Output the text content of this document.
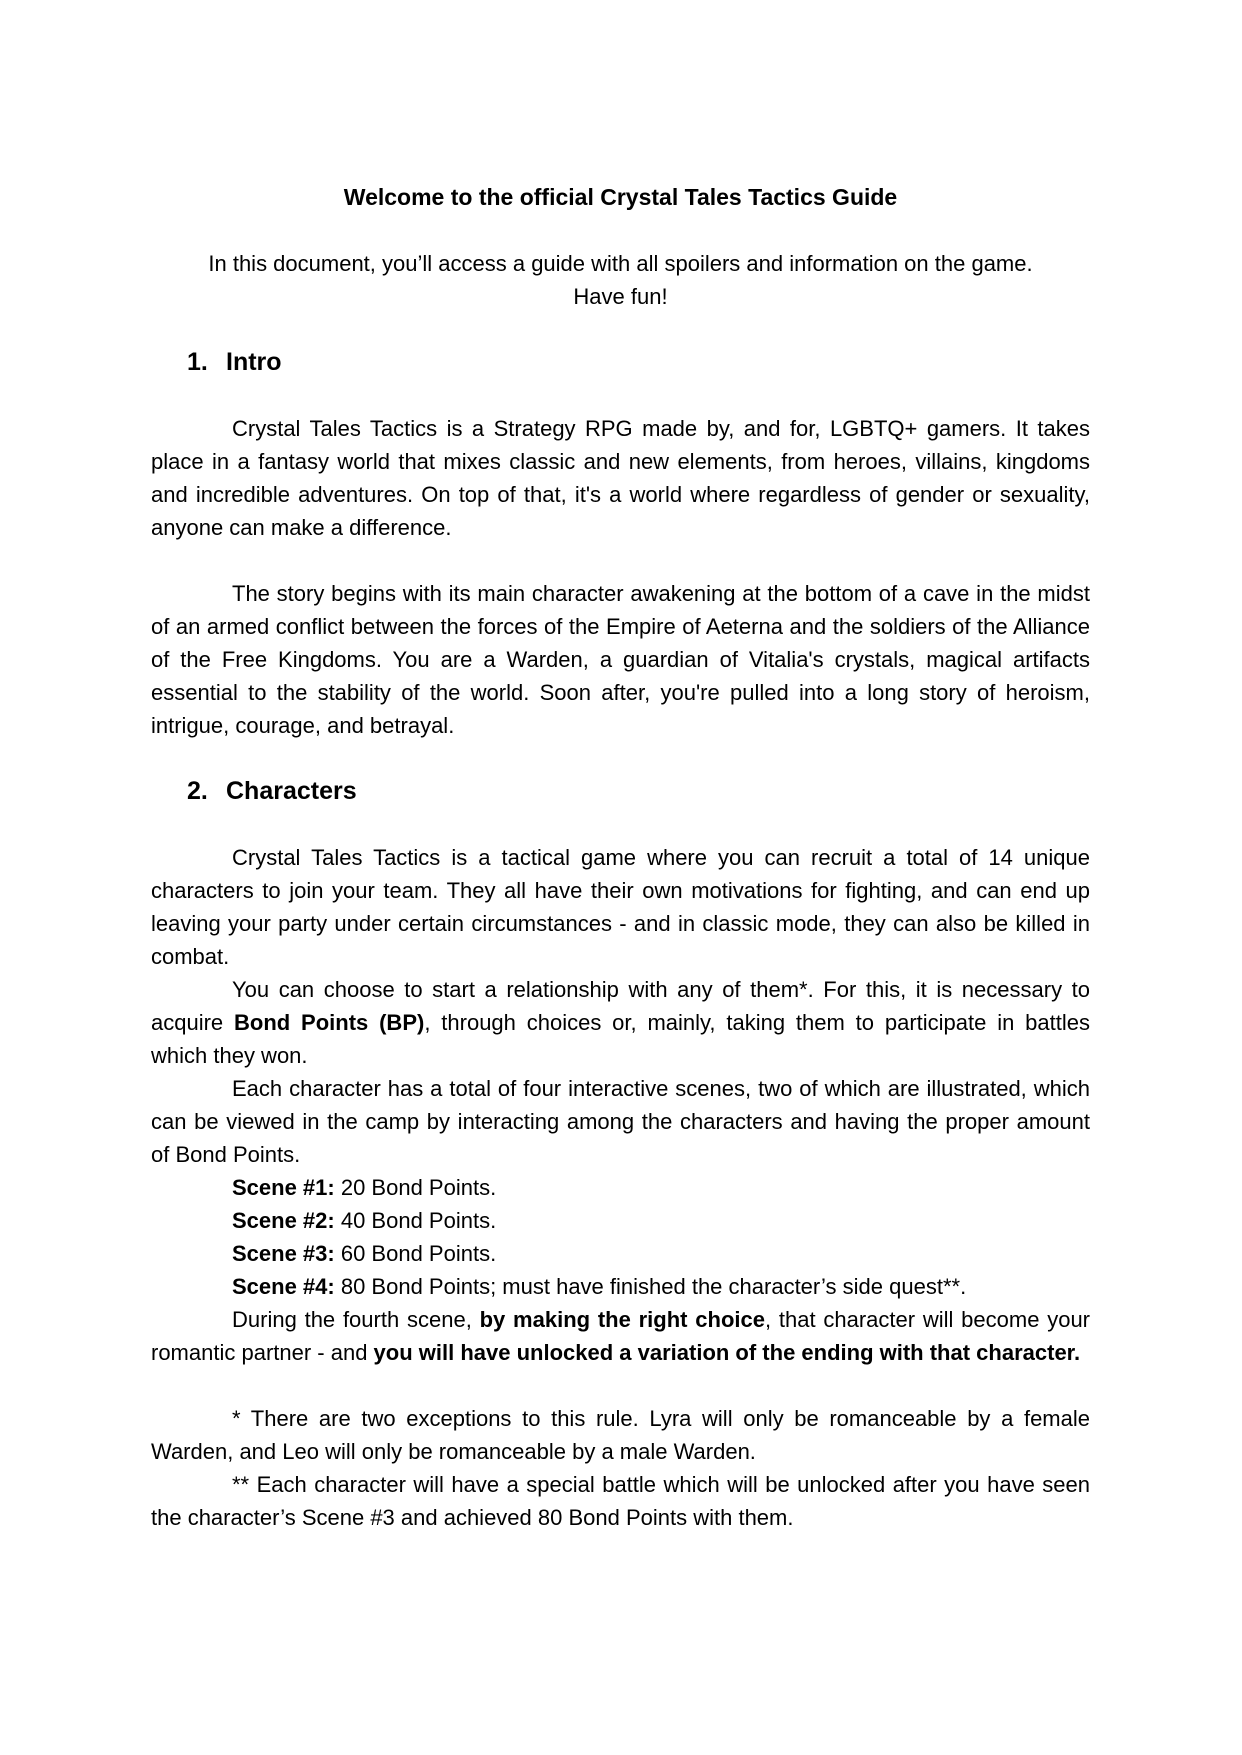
Welcome to the official Crystal Tales Tactics Guide
In this document, you’ll access a guide with all spoilers and information on the game.
Have fun!
1. Intro

Crystal Tales Tactics is a Strategy RPG made by, and for, LGBTQ+ gamers. It takes place in a fantasy world that mixes classic and new elements, from heroes, villains, kingdoms and incredible adventures. On top of that, it's a world where regardless of gender or sexuality, anyone can make a difference.

The story begins with its main character awakening at the bottom of a cave in the midst of an armed conflict between the forces of the Empire of Aeterna and the soldiers of the Alliance of the Free Kingdoms. You are a Warden, a guardian of Vitalia's crystals, magical artifacts essential to the stability of the world. Soon after, you're pulled into a long story of heroism, intrigue, courage, and betrayal.

2. Characters

Crystal Tales Tactics is a tactical game where you can recruit a total of 14 unique characters to join your team. They all have their own motivations for fighting, and can end up leaving your party under certain circumstances - and in classic mode, they can also be killed in combat.

You can choose to start a relationship with any of them*. For this, it is necessary to acquire Bond Points (BP), through choices or, mainly, taking them to participate in battles which they won.

Each character has a total of four interactive scenes, two of which are illustrated, which can be viewed in the camp by interacting among the characters and having the proper amount of Bond Points.

Scene #1: 20 Bond Points.

Scene #2: 40 Bond Points.

Scene #3: 60 Bond Points.

Scene #4: 80 Bond Points; must have finished the character’s side quest**.

During the fourth scene, by making the right choice, that character will become your romantic partner - and you will have unlocked a variation of the ending with that character.

* There are two exceptions to this rule. Lyra will only be romanceable by a female Warden, and Leo will only be romanceable by a male Warden.

** Each character will have a special battle which will be unlocked after you have seen the character’s Scene #3 and achieved 80 Bond Points with them.
